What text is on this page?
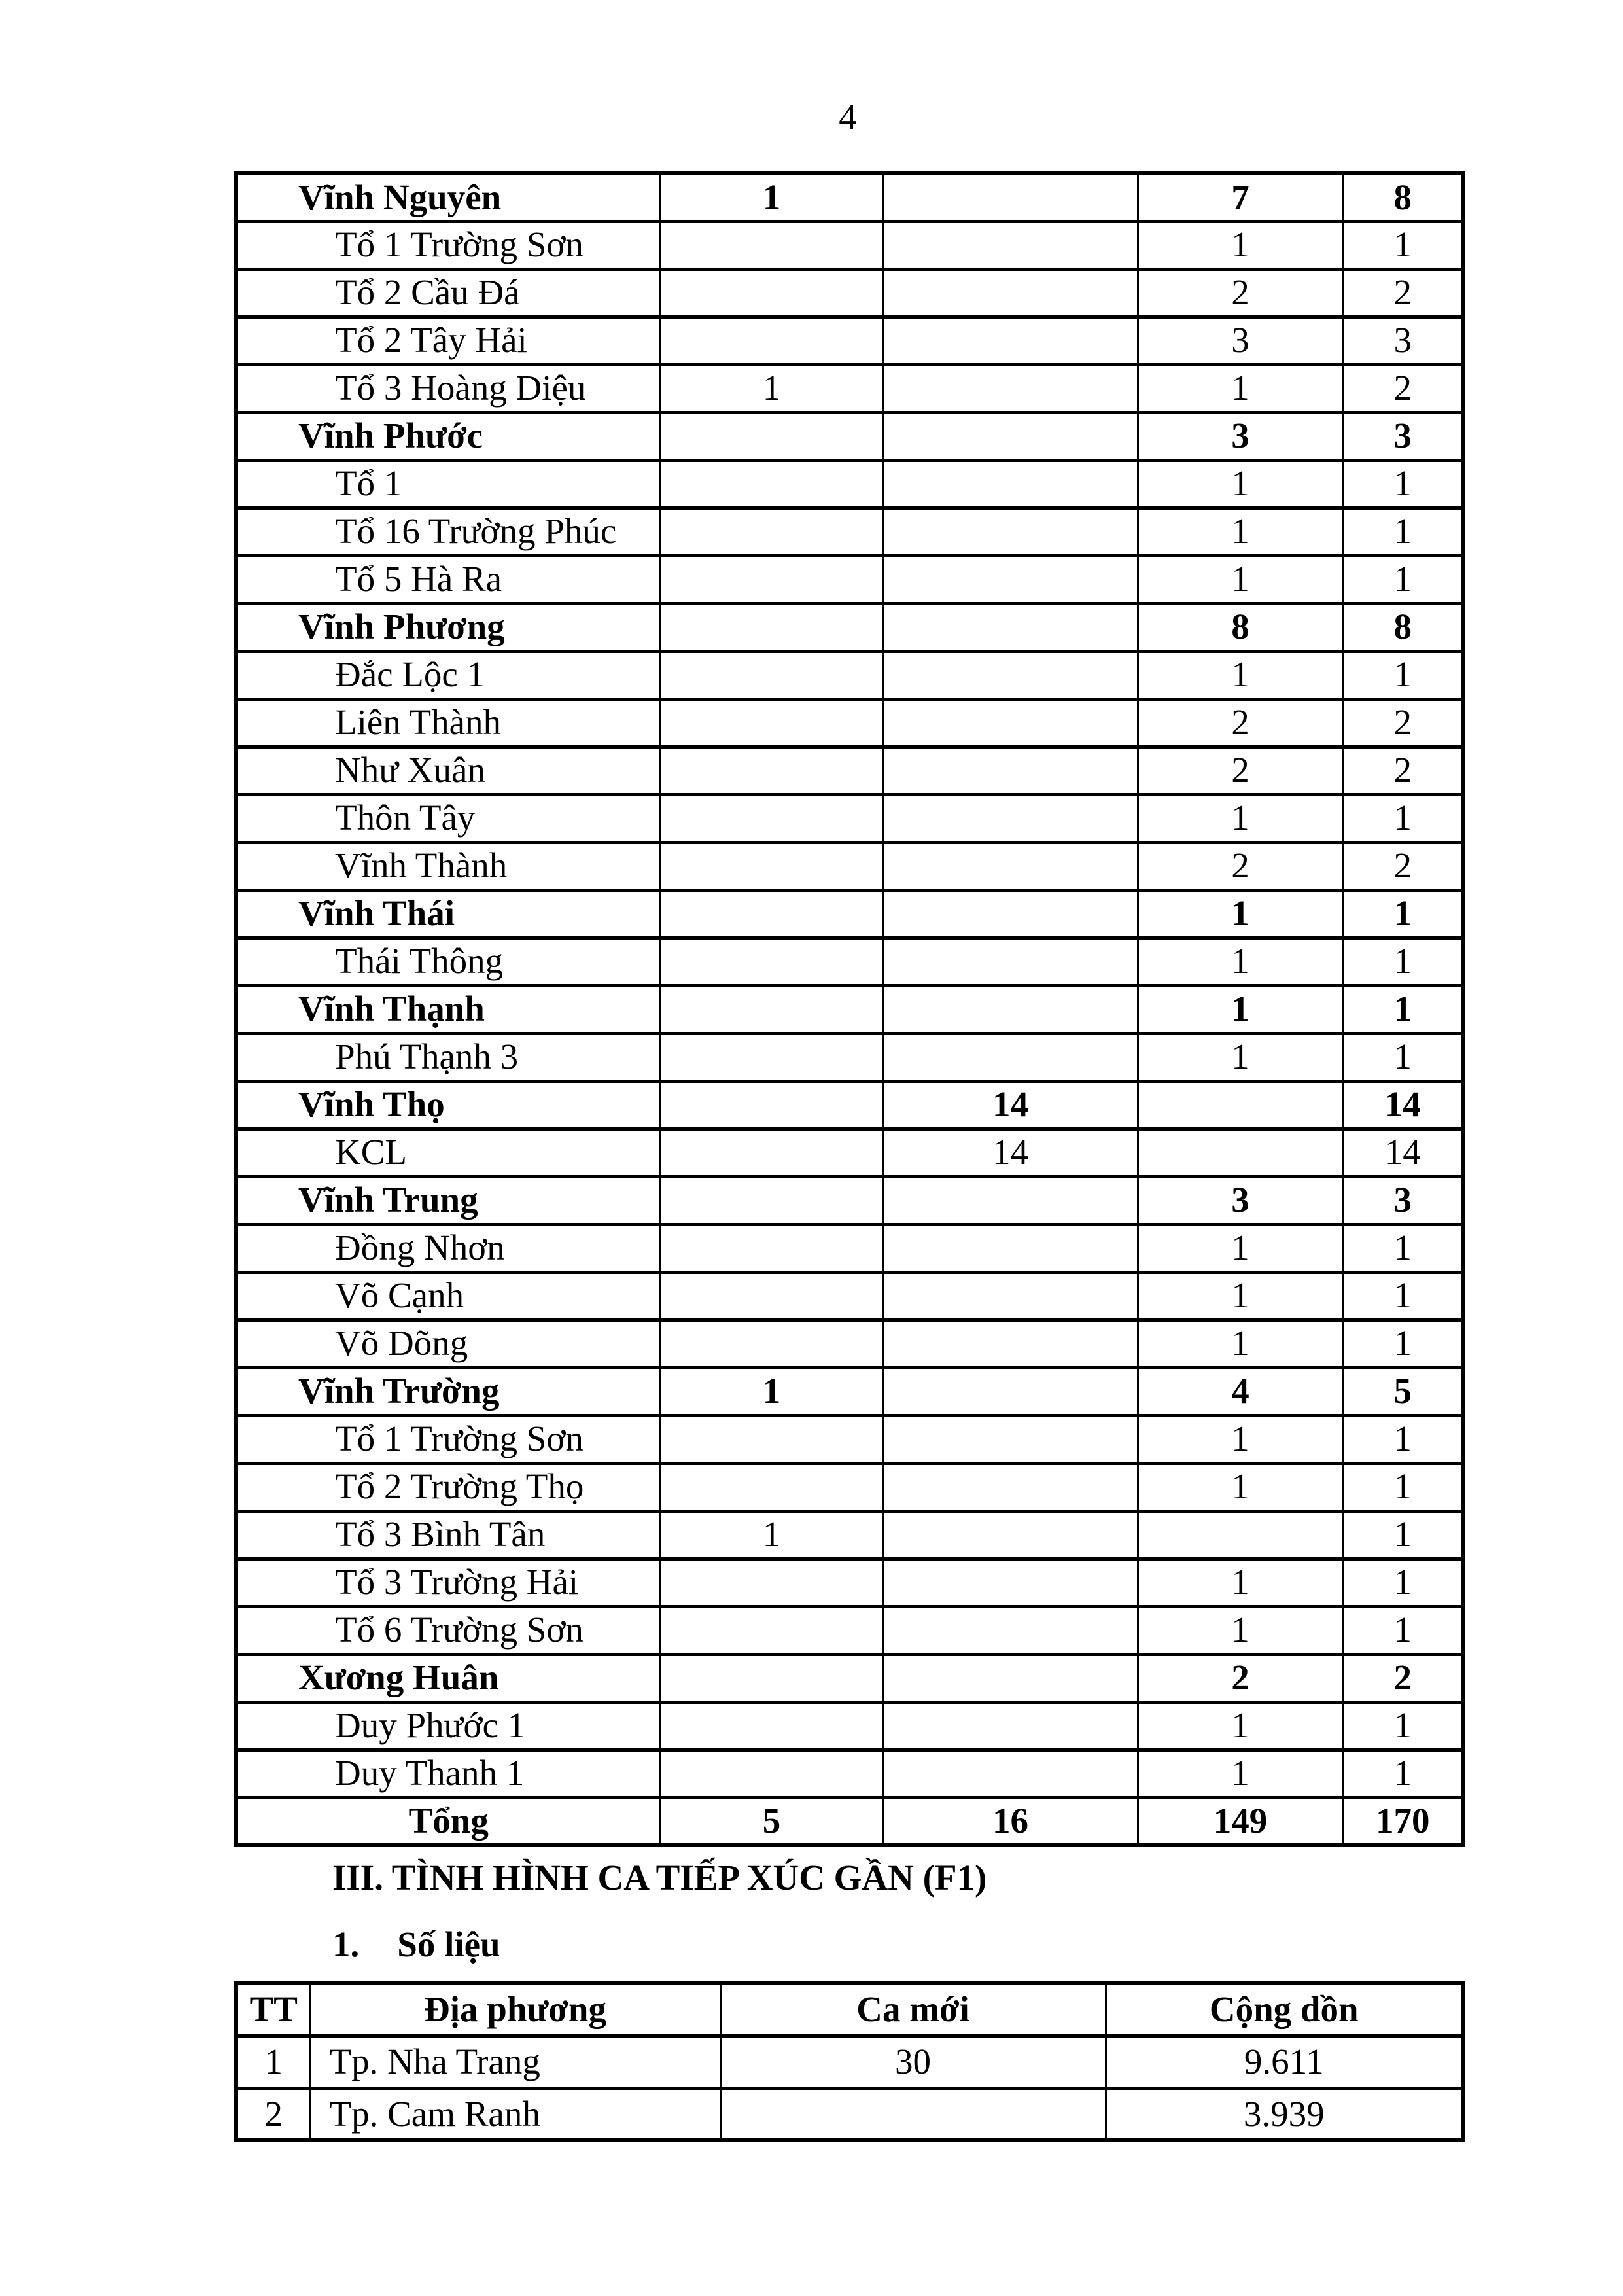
4
Vĩnh Nguyên	1		7	8
Tổ 1 Trường Sơn			1	1
Tổ 2 Cầu Đá			2	2
Tổ 2 Tây Hải			3	3
Tổ 3 Hoàng Diệu	1		1	2
Vĩnh Phước			3	3
Tổ 1			1	1
Tổ 16 Trường Phúc			1	1
Tổ 5 Hà Ra			1	1
Vĩnh Phương			8	8
Đắc Lộc 1			1	1
Liên Thành			2	2
Như Xuân			2	2
Thôn Tây			1	1
Vĩnh Thành			2	2
Vĩnh Thái			1	1
Thái Thông			1	1
Vĩnh Thạnh			1	1
Phú Thạnh 3			1	1
Vĩnh Thọ		14		14
KCL		14		14
Vĩnh Trung			3	3
Đồng Nhơn			1	1
Võ Cạnh			1	1
Võ Dõng			1	1
Vĩnh Trường	1		4	5
Tổ 1 Trường Sơn			1	1
Tổ 2 Trường Thọ			1	1
Tổ 3 Bình Tân	1			1
Tổ 3 Trường Hải			1	1
Tổ 6 Trường Sơn			1	1
Xương Huân			2	2
Duy Phước 1			1	1
Duy Thanh 1			1	1
Tổng	5	16	149	170
III. TÌNH HÌNH CA TIẾP XÚC GẦN (F1)
1. Số liệu
TT	Địa phương	Ca mới	Cộng dồn
1	Tp. Nha Trang	30	9.611
2	Tp. Cam Ranh		3.939
